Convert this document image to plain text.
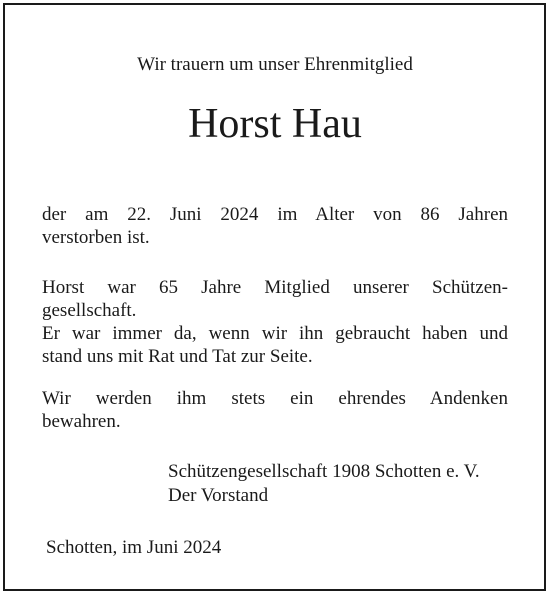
Wir trauern um unser Ehrenmitglied
Horst Hau
der am 22. Juni 2024 im Alter von 86 Jahren
verstorben ist.
Horst war 65 Jahre Mitglied unserer Schützen-
gesellschaft.
Er war immer da, wenn wir ihn gebraucht haben und
stand uns mit Rat und Tat zur Seite.
Wir werden ihm stets ein ehrendes Andenken
bewahren.
Schützengesellschaft 1908 Schotten e. V.
Der Vorstand
Schotten, im Juni 2024
